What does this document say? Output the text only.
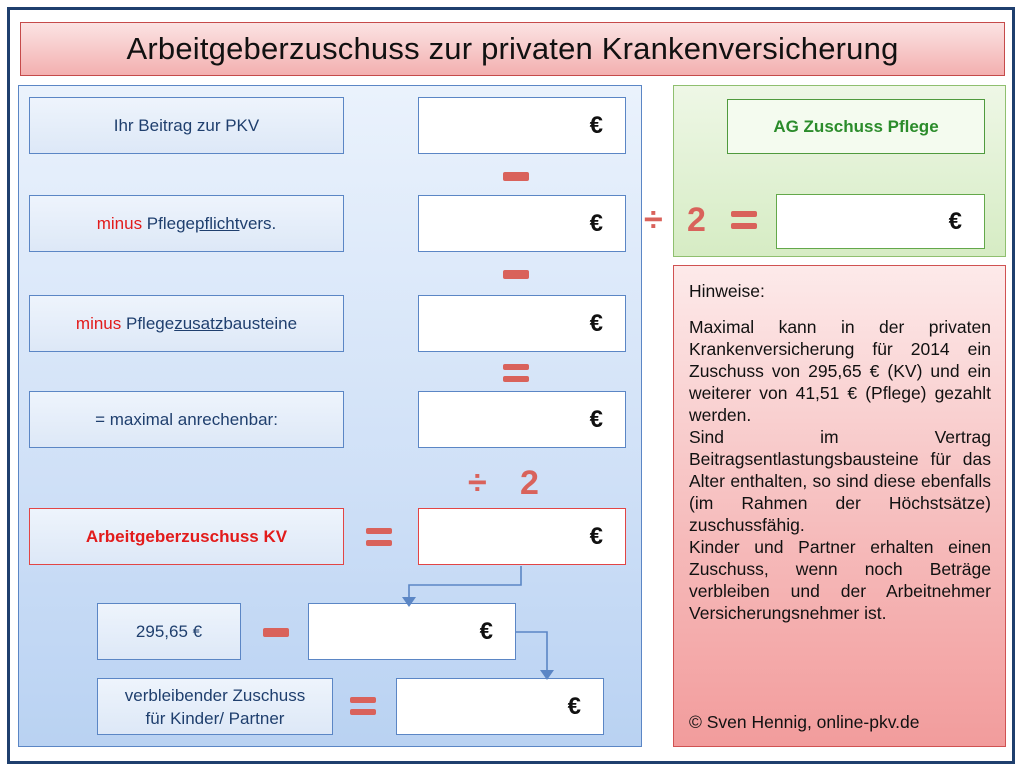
Arbeitgeberzuschuss zur privaten Krankenversicherung
Ihr Beitrag zur PKV	€
minus Pflegepflichtvers.	€
minus Pflegezusatzbausteine	€
= maximal anrechenbar:	€
÷ 2
Arbeitgeberzuschuss KV	€
295,65 €	€
verbleibender Zuschuss
für Kinder/ Partner	€
AG Zuschuss Pflege
÷ 2	€
Hinweise:
Maximal kann in der privaten Krankenversicherung für 2014 ein Zuschuss von 295,65 € (KV) und ein weiterer von 41,51 € (Pflege) gezahlt werden.
Sind im Vertrag Beitragsentlastungsbausteine für das Alter enthalten, so sind diese ebenfalls (im Rahmen der Höchstsätze) zuschussfähig.
Kinder und Partner erhalten einen Zuschuss, wenn noch Beträge verbleiben und der Arbeitnehmer Versicherungsnehmer ist.
© Sven Hennig, online-pkv.de
